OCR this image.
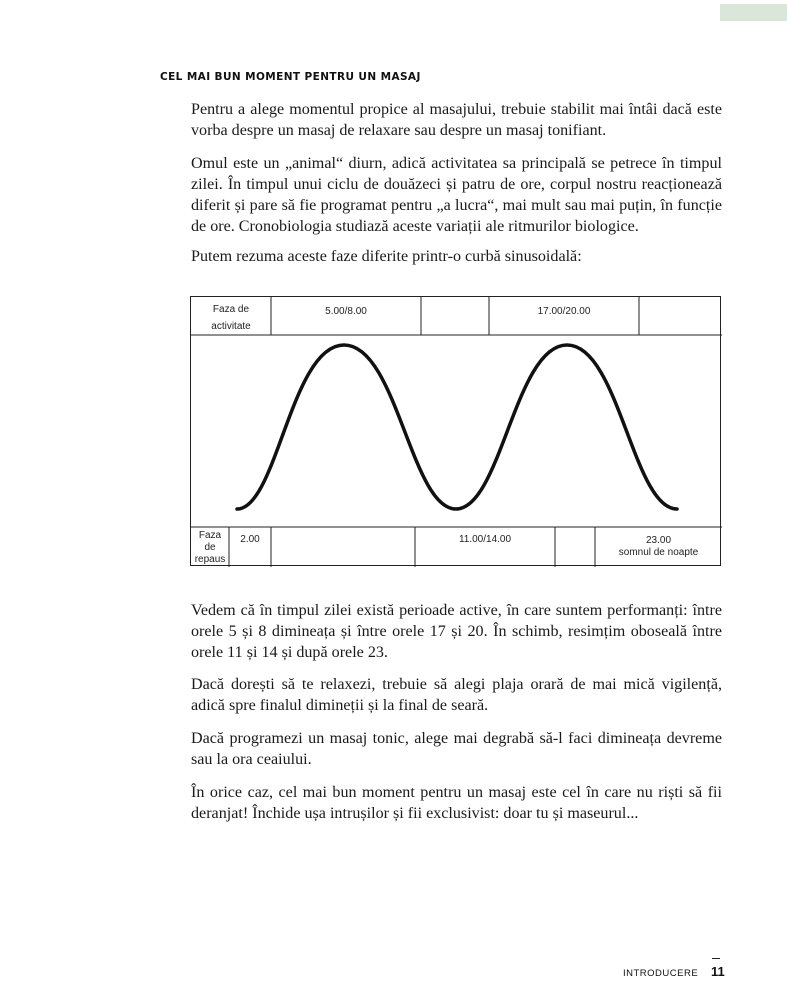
CEL MAI BUN MOMENT PENTRU UN MASAJ

Pentru a alege momentul propice al masajului, trebuie stabilit mai întâi dacă este vorba despre un masaj de relaxare sau despre un masaj tonifiant.

Omul este un „animal“ diurn, adică activitatea sa principală se petrece în timpul zilei. În timpul unui ciclu de douăzeci și patru de ore, corpul nostru reacționează diferit și pare să fie programat pentru „a lucra“, mai mult sau mai puțin, în funcție de ore. Cronobiologia studiază aceste variații ale ritmurilor biologice.

Putem rezuma aceste faze diferite printr-o curbă sinusoidală:

Faza de
activitate
5.00/8.00	17.00/20.00
Faza
de
repaus
2.00	11.00/14.00	23.00
somnul de noapte

Vedem că în timpul zilei există perioade active, în care suntem performanți: între orele 5 și 8 dimineața și între orele 17 și 20. În schimb, resimțim oboseală între orele 11 și 14 și după orele 23.

Dacă dorești să te relaxezi, trebuie să alegi plaja orară de mai mică vigilență, adică spre finalul dimineții și la final de seară.

Dacă programezi un masaj tonic, alege mai degrabă să-l faci dimineața devreme sau la ora ceaiului.

În orice caz, cel mai bun moment pentru un masaj este cel în care nu riști să fii deranjat! Închide ușa intrușilor și fii exclusivist: doar tu și maseurul...

INTRODUCERE 11
